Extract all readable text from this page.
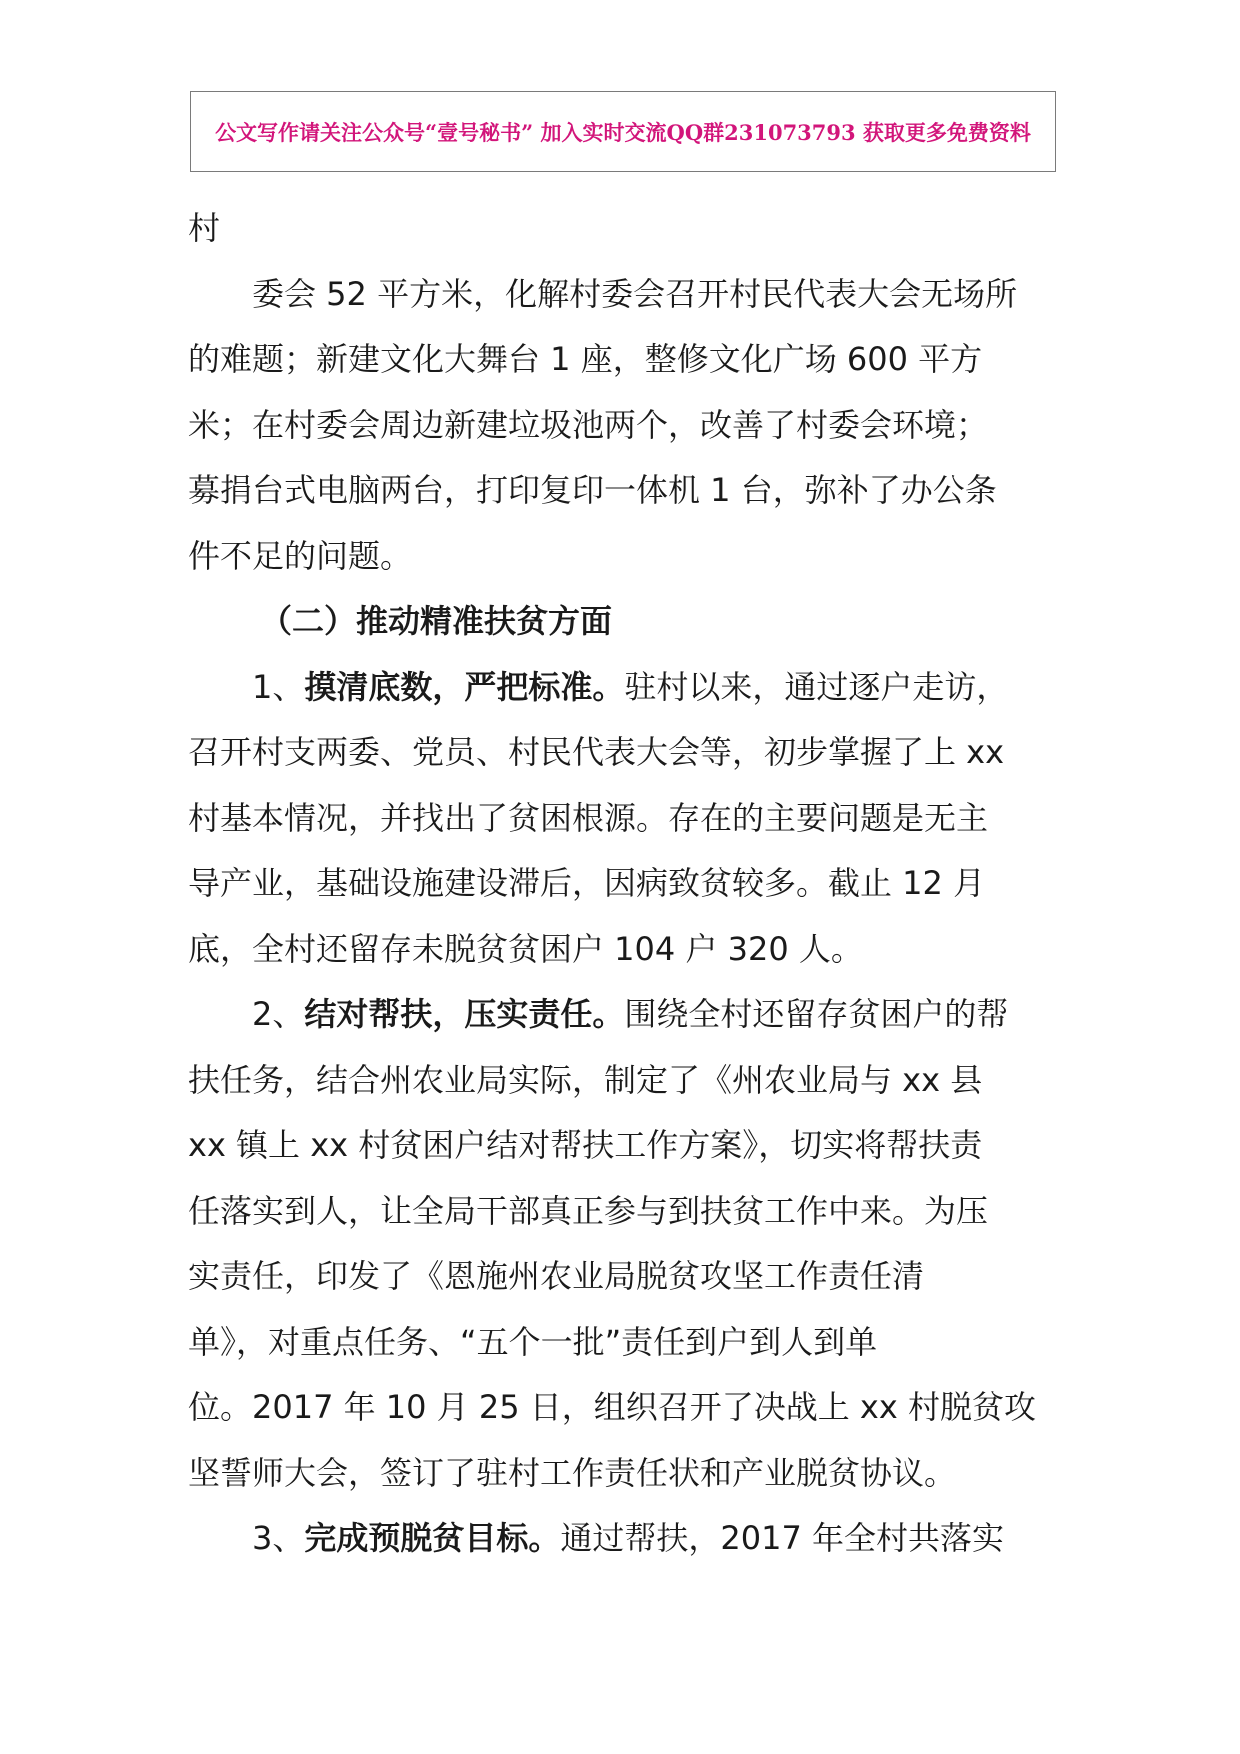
公文写作请关注公众号“壹号秘书” 加入实时交流QQ群231073793 获取更多免费资料
村
委会 52 平方米，化解村委会召开村民代表大会无场所
的难题；新建文化大舞台 1 座，整修文化广场 600 平方
米；在村委会周边新建垃圾池两个，改善了村委会环境；
募捐台式电脑两台，打印复印一体机 1 台，弥补了办公条
件不足的问题。
（二）推动精准扶贫方面
1、摸清底数，严把标准。驻村以来，通过逐户走访，
召开村支两委、党员、村民代表大会等，初步掌握了上 xx
村基本情况，并找出了贫困根源。存在的主要问题是无主
导产业，基础设施建设滞后，因病致贫较多。截止 12 月
底，全村还留存未脱贫贫困户 104 户 320 人。
2、结对帮扶，压实责任。围绕全村还留存贫困户的帮
扶任务，结合州农业局实际，制定了《州农业局与 xx 县
xx 镇上 xx 村贫困户结对帮扶工作方案》，切实将帮扶责
任落实到人，让全局干部真正参与到扶贫工作中来。为压
实责任，印发了《恩施州农业局脱贫攻坚工作责任清
单》，对重点任务、“五个一批”责任到户到人到单
位。2017 年 10 月 25 日，组织召开了决战上 xx 村脱贫攻
坚誓师大会，签订了驻村工作责任状和产业脱贫协议。
3、完成预脱贫目标。通过帮扶，2017 年全村共落实
